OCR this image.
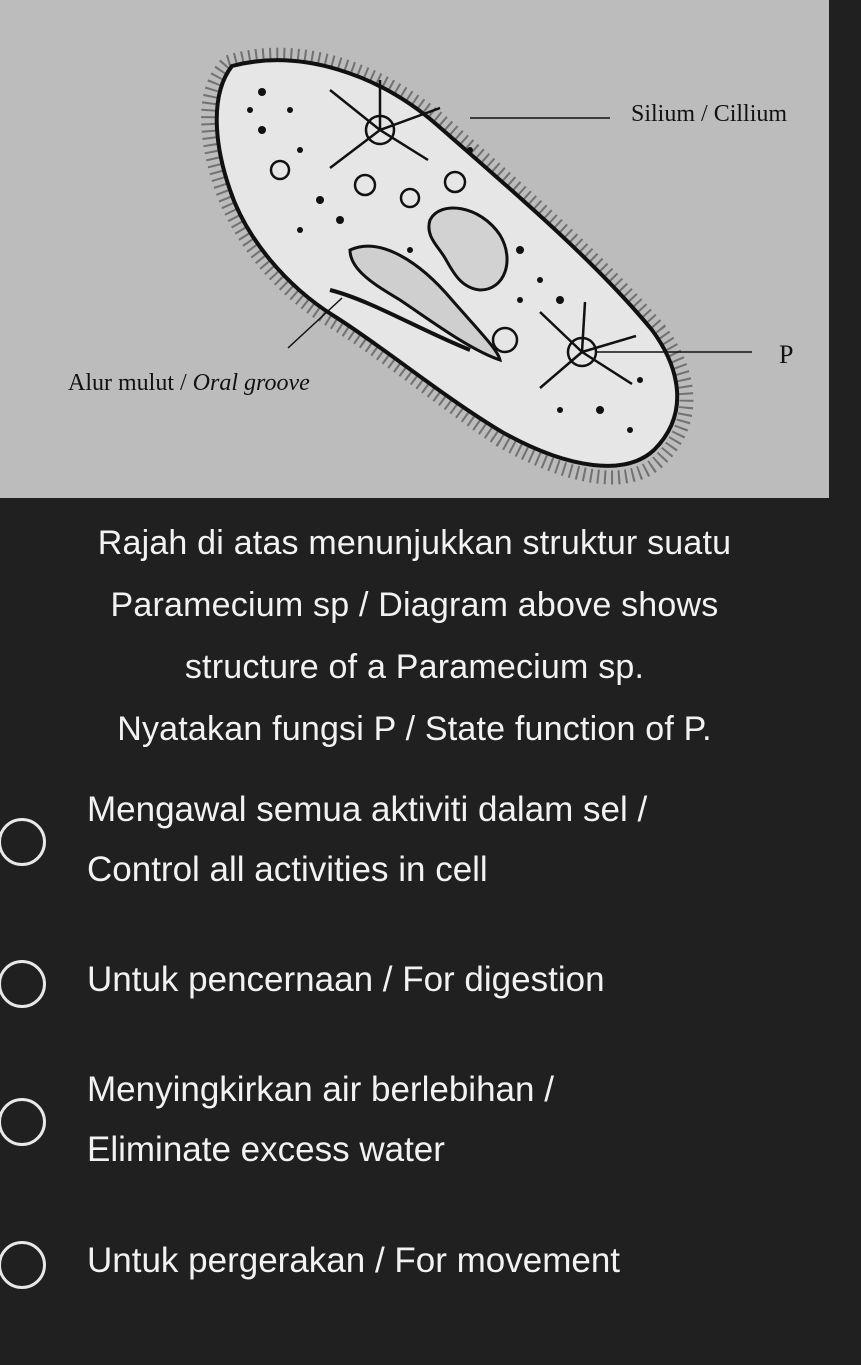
Silium / Cillium
P
Alur mulut / Oral groove

Rajah di atas menunjukkan struktur suatu

Paramecium sp / Diagram above shows

structure of a Paramecium sp.

Nyatakan fungsi P / State function of P.

Mengawal semua aktiviti dalam sel /
Control all activities in cell
Untuk pencernaan / For digestion
Menyingkirkan air berlebihan /
Eliminate excess water
Untuk pergerakan / For movement
